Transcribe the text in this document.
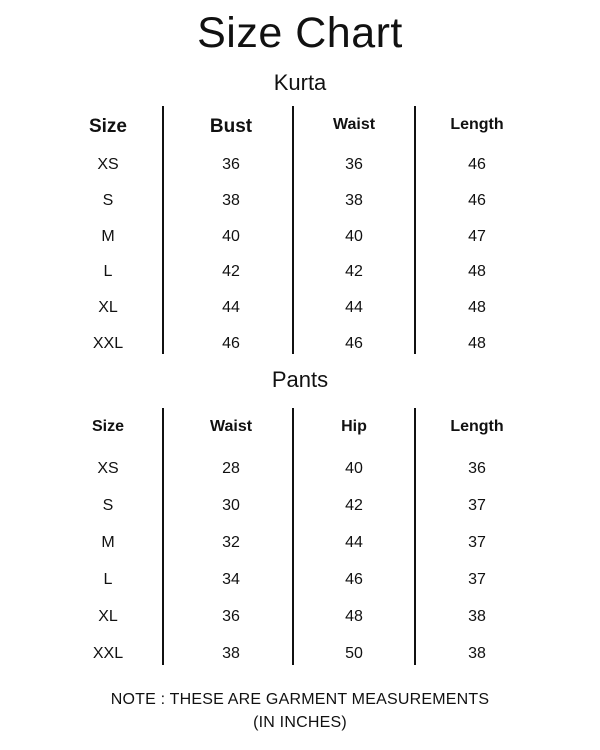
Size Chart
Kurta
Size	Bust	Waist	Length
XS	36	36	46
S	38	38	46
M	40	40	47
L	42	42	48
XL	44	44	48
XXL	46	46	48
Pants
Size	Waist	Hip	Length
XS	28	40	36
S	30	42	37
M	32	44	37
L	34	46	37
XL	36	48	38
XXL	38	50	38
NOTE : THESE ARE GARMENT MEASUREMENTS
(IN INCHES)
